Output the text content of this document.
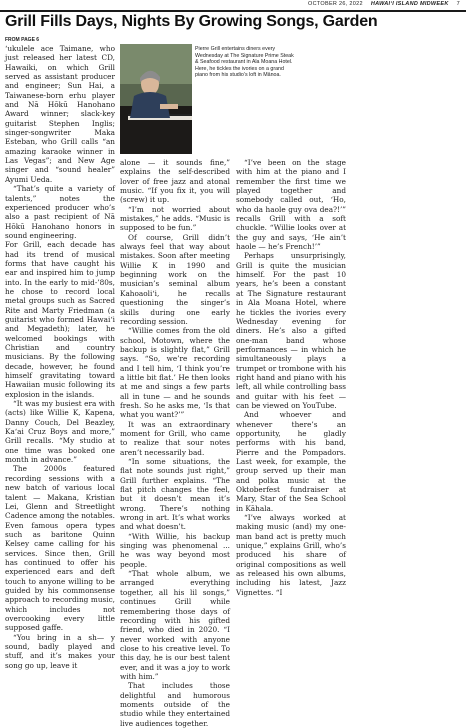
OCTOBER 26, 2022 HAWAI‘I ISLAND MIDWEEK 7
Grill Fills Days, Nights By Growing Songs, Garden
FROM PAGE 6
Pierre Grill entertains diners every Wednesday at The Signature Prime Steak & Seafood restaurant in Ala Moana Hotel. Here, he tickles the ivories on a grand piano from his studio’s loft in Mānoa.

‘ukulele ace Taimane, who just released her latest CD, Hawaiki, on which Grill served as assistant producer and engineer; Sun Hai, a Taiwanese-born erhu player and Nā Hōkū Hanohano Award winner; slack-key guitarist Stephen Inglis; singer-songwriter Maka Esteban, who Grill calls “an amazing karaoke winner in Las Vegas”; and New Age singer and “sound healer” Ayumi Ueda.

“That’s quite a variety of talents,” notes the experienced producer who’s also a past recipient of Nā Hōkū Hanohano honors in sound engineering.

For Grill, each decade has had its trend of musical forms that have caught his ear and inspired him to jump into. In the early to mid-’80s, he chose to record local metal groups such as Sacred Rite and Marty Friedman (a guitarist who formed Hawai‘i and Megadeth); later, he welcomed bookings with Christian and country musicians. By the following decade, however, he found himself gravitating toward Hawaiian music following its explosion in the islands.

“It was my busiest era with (acts) like Willie K, Kapena, Danny Couch, Del Beazley, Ka‘ai Cruz Boys and more,” Grill recalls. “My studio at one time was booked one month in advance.”

The 2000s featured recording sessions with a new batch of various local talent — Makana, Kristian Lei, Glenn and Streetlight Cadence among the notables. Even famous opera types such as baritone Quinn Kelsey came calling for his services. Since then, Grill has continued to offer his experienced ears and deft touch to anyone willing to be guided by his commonsense approach to recording music, which includes not overcooking every little supposed gaffe.

“You bring in a sh— y sound, badly played and stuff, and it’s makes your song go up, leave it

alone — it sounds fine,” explains the self-described lover of free jazz and atonal music. “If you fix it, you will (screw) it up.

“I’m not worried about mistakes,” he adds. “Music is supposed to be fun.”

Of course, Grill didn’t always feel that way about mistakes. Soon after meeting Willie K in 1990 and beginning work on the musician’s seminal album Kahoaoli‘i, he recalls questioning the singer’s skills during one early recording session.

“Willie comes from the old school, Motown, where the backup is slightly flat,” Grill says. “So, we’re recording and I tell him, ‘I think you’re a little bit flat.’ He then looks at me and sings a few parts all in tune — and he sounds fresh. So he asks me, ‘Is that what you want?’”

It was an extraordinary moment for Grill, who came to realize that sour notes aren’t necessarily bad.

“In some situations, the flat note sounds just right,” Grill further explains. “The flat pitch changes the feel, but it doesn’t mean it’s wrong. There’s nothing wrong in art. It’s what works and what doesn’t.

“With Willie, his backup singing was phenomenal ... he was way beyond most people.

“That whole album, we arranged everything together, all his lil songs,” continues Grill while remembering those days of recording with his gifted friend, who died in 2020. “I never worked with anyone close to his creative level. To this day, he is our best talent ever, and it was a joy to work with him.”

That includes those delightful and humorous moments outside of the studio while they entertained live audiences together.

“I’ve been on the stage with him at the piano and I remember the first time we played together and somebody called out, ‘Ho, who da haole guy ova dea?!’” recalls Grill with a soft chuckle. “Willie looks over at the guy and says, ‘He ain’t haole — he’s French!’”

Perhaps unsurprisingly, Grill is quite the musician himself. For the past 10 years, he’s been a constant at The Signature restaurant in Ala Moana Hotel, where he tickles the ivories every Wednesday evening for diners. He’s also a gifted one-man band whose performances — in which he simultaneously plays a trumpet or trombone with his right hand and piano with his left, all while controlling bass and guitar with his feet — can be viewed on YouTube.

And whoever and whenever there’s an opportunity, he gladly performs with his band, Pierre and the Pompadors. Last week, for example, the group served up their man and polka music at the Oktoberfest fundraiser at Mary, Star of the Sea School in Kāhala.

“I’ve always worked at making music (and) my one-man band act is pretty much unique,” explains Grill, who’s produced his share of original compositions as well as released his own albums, including his latest, Jazz Vignettes. “I
